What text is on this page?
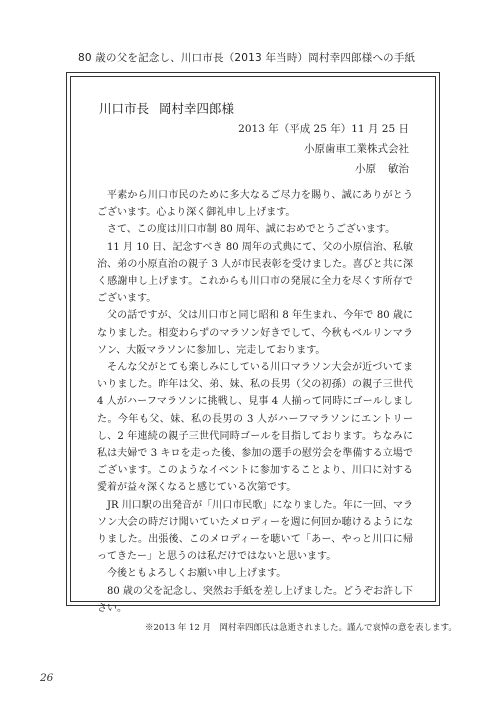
80 歳の父を記念し、川口市長（2013 年当時）岡村幸四郎様への手紙
川口市長 岡村幸四郎様
2013 年（平成 25 年）11 月 25 日
小原歯車工業株式会社
小原 敏治

平素から川口市民のために多大なるご尽力を賜り、誠にありがとうございます。心より深く御礼申し上げます。

さて、この度は川口市制 80 周年、誠におめでとうございます。

11 月 10 日、記念すべき 80 周年の式典にて、父の小原信治、私敏治、弟の小原直治の親子 3 人が市民表彰を受けました。喜びと共に深く感謝申し上げます。これからも川口市の発展に全力を尽くす所存でございます。

父の話ですが、父は川口市と同じ昭和 8 年生まれ、今年で 80 歳になりました。相変わらずのマラソン好きでして、今秋もベルリンマラソン、大阪マラソンに参加し、完走しております。

そんな父がとても楽しみにしている川口マラソン大会が近づいてまいりました。昨年は父、弟、妹、私の長男（父の初孫）の親子三世代 4 人がハーフマラソンに挑戦し、見事 4 人揃って同時にゴールしました。今年も父、妹、私の長男の 3 人がハーフマラソンにエントリーし、2 年連続の親子三世代同時ゴールを目指しております。ちなみに私は夫婦で 3 キロを走った後、参加の選手の慰労会を準備する立場でございます。このようなイベントに参加することより、川口に対する愛着が益々深くなると感じている次第です。

JR 川口駅の出発音が「川口市民歌」になりました。年に一回、マラソン大会の時だけ聞いていたメロディーを週に何回か聴けるようになりました。出張後、このメロディーを聴いて「あー、やっと川口に帰ってきたー」と思うのは私だけではないと思います。

今後ともよろしくお願い申し上げます。

80 歳の父を記念し、突然お手紙を差し上げました。どうぞお許し下さい。

※2013 年 12 月　岡村幸四郎氏は急逝されました。謹んで哀悼の意を表します。
26
